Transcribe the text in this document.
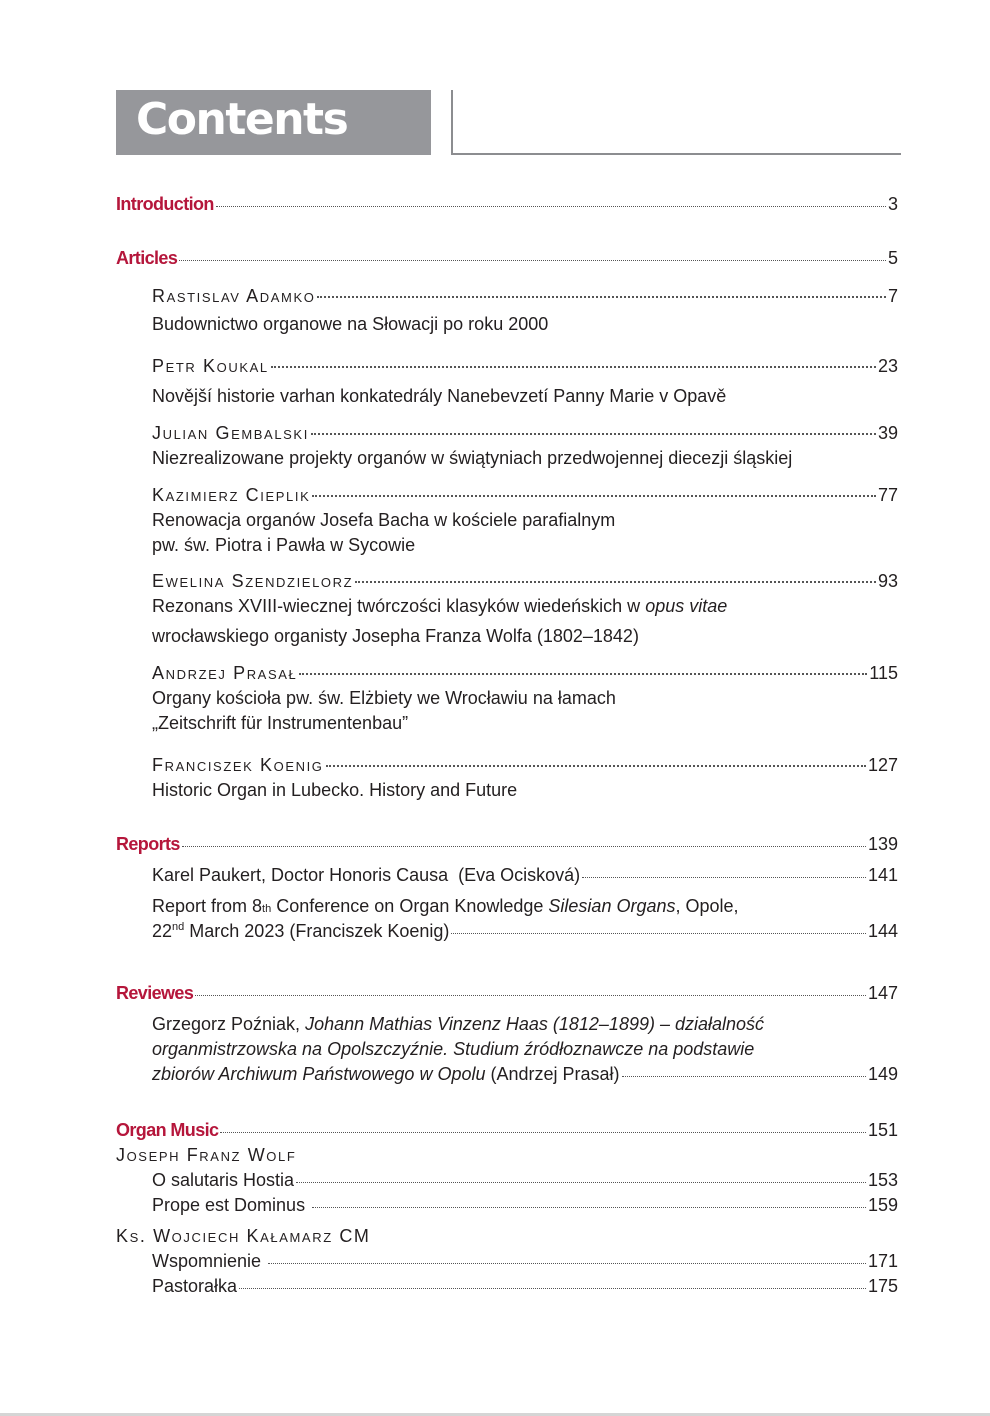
Contents
Introduction	3
Articles	5
Rastislav Adamko	7
Budownictwo organowe na Słowacji po roku 2000
Petr Koukal	23
Novější historie varhan konkatedrály Nanebevzetí Panny Marie v Opavě
Julian Gembalski	39
Niezrealizowane projekty organów w świątyniach przedwojennej diecezji śląskiej
Kazimierz Cieplik	77
Renowacja organów Josefa Bacha w kościele parafialnym
pw. św. Piotra i Pawła w Sycowie
Ewelina Szendzielorz	93
Rezonans XVIII-wiecznej twórczości klasyków wiedeńskich w opus vitae
wrocławskiego organisty Josepha Franza Wolfa (1802–1842)
Andrzej Prasał	115
Organy kościoła pw. św. Elżbiety we Wrocławiu na łamach
„Zeitschrift für Instrumentenbau”
Franciszek Koenig	127
Historic Organ in Lubecko. History and Future
Reports	139
Karel Paukert, Doctor Honoris Causa  (Eva Ocisková)	141
Report from 8 th Conference on Organ Knowledge Silesian Organs , Opole,
22nd March 2023 (Franciszek Koenig)	144
Reviewes	147
Grzegorz Poźniak, Johann Mathias Vinzenz Haas (1812–1899) – działalność
organmistrzowska na Opolszczyźnie. Studium źródłoznawcze na podstawie
zbiorów Archiwum Państwowego w Opolu (Andrzej Prasał)	149
Organ Music	151
Joseph Franz Wolf
O salutaris Hostia	153
Prope est Dominus	159
Ks. Wojciech Kałamarz CM
Wspomnienie	171
Pastorałka	175
